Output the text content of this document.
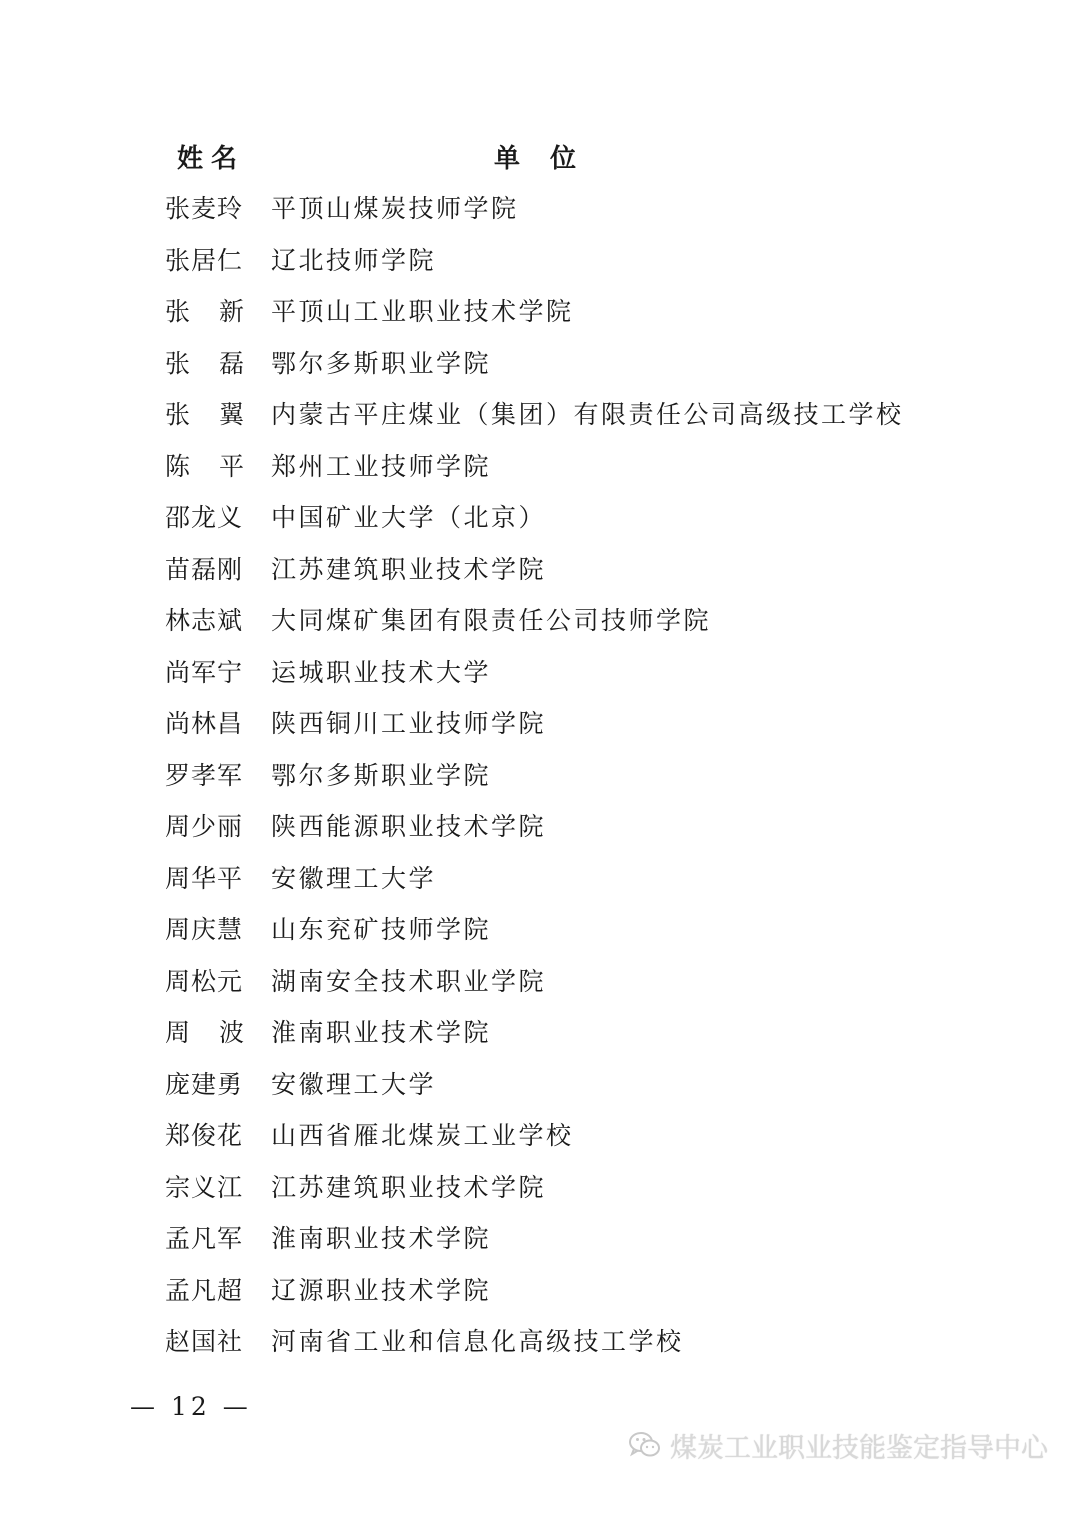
姓名	单位
张麦玲 平顶山煤炭技师学院
张居仁 辽北技师学院
张 新 平顶山工业职业技术学院
张 磊 鄂尔多斯职业学院
张 翼 内蒙古平庄煤业（集团）有限责任公司高级技工学校
陈 平 郑州工业技师学院
邵龙义 中国矿业大学（北京）
苗磊刚 江苏建筑职业技术学院
林志斌 大同煤矿集团有限责任公司技师学院
尚军宁 运城职业技术大学
尚林昌 陕西铜川工业技师学院
罗孝军 鄂尔多斯职业学院
周少丽 陕西能源职业技术学院
周华平 安徽理工大学
周庆慧 山东兖矿技师学院
周松元 湖南安全技术职业学院
周 波 淮南职业技术学院
庞建勇 安徽理工大学
郑俊花 山西省雁北煤炭工业学校
宗义江 江苏建筑职业技术学院
孟凡军 淮南职业技术学院
孟凡超 辽源职业技术学院
赵国社 河南省工业和信息化高级技工学校
— 12 —
煤炭工业职业技能鉴定指导中心
